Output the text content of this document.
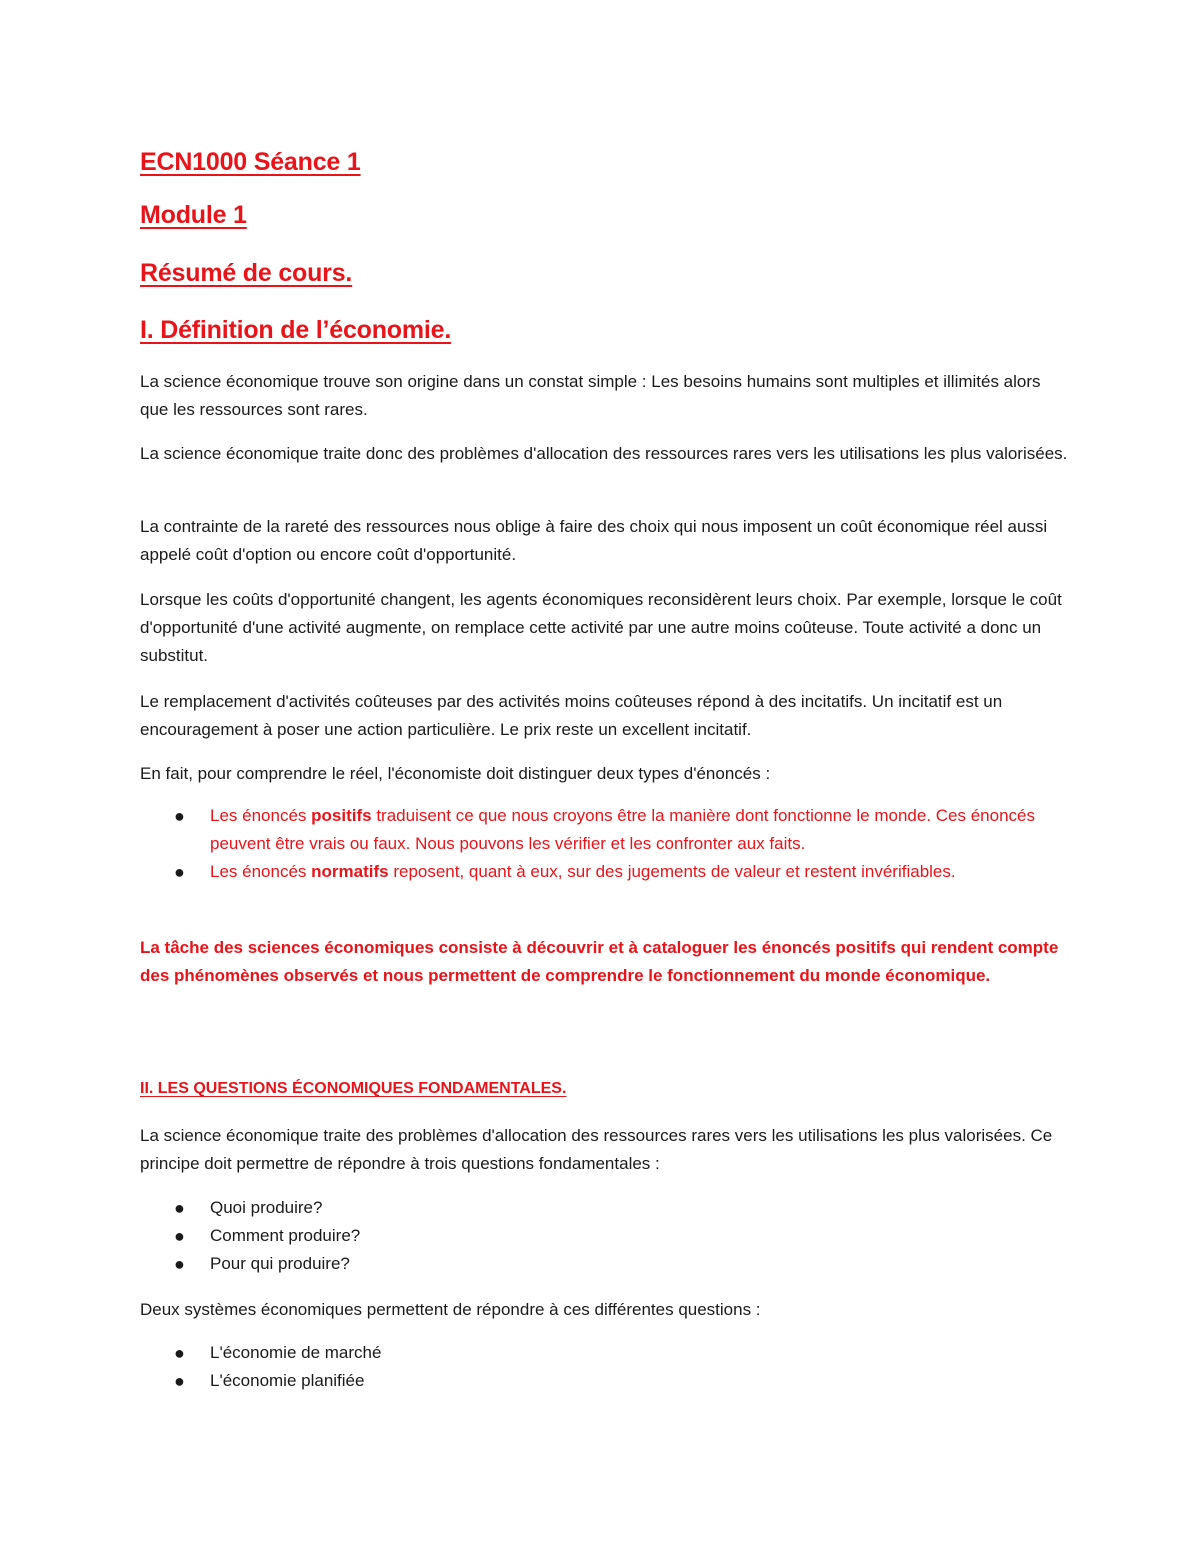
ECN1000 Séance 1
Module 1
Résumé de cours.
I. Définition de l’économie.

La science économique trouve son origine dans un constat simple : Les besoins humains sont multiples et illimités alors que les ressources sont rares.

La science économique traite donc des problèmes d'allocation des ressources rares vers les utilisations les plus valorisées.

La contrainte de la rareté des ressources nous oblige à faire des choix qui nous imposent un coût économique réel aussi appelé coût d'option ou encore coût d'opportunité.

Lorsque les coûts d'opportunité changent, les agents économiques reconsidèrent leurs choix. Par exemple, lorsque le coût d'opportunité d'une activité augmente, on remplace cette activité par une autre moins coûteuse. Toute activité a donc un substitut.

Le remplacement d'activités coûteuses par des activités moins coûteuses répond à des incitatifs. Un incitatif est un encouragement à poser une action particulière. Le prix reste un excellent incitatif.

En fait, pour comprendre le réel, l'économiste doit distinguer deux types d'énoncés :

● Les énoncés positifs traduisent ce que nous croyons être la manière dont fonctionne le monde. Ces énoncés peuvent être vrais ou faux. Nous pouvons les vérifier et les confronter aux faits.
● Les énoncés normatifs reposent, quant à eux, sur des jugements de valeur et restent invérifiables.

La tâche des sciences économiques consiste à découvrir et à cataloguer les énoncés positifs qui rendent compte des phénomènes observés et nous permettent de comprendre le fonctionnement du monde économique.

II. LES QUESTIONS ÉCONOMIQUES FONDAMENTALES.

La science économique traite des problèmes d'allocation des ressources rares vers les utilisations les plus valorisées. Ce principe doit permettre de répondre à trois questions fondamentales :

● Quoi produire?
● Comment produire?
● Pour qui produire?

Deux systèmes économiques permettent de répondre à ces différentes questions :

● L'économie de marché
● L'économie planifiée
